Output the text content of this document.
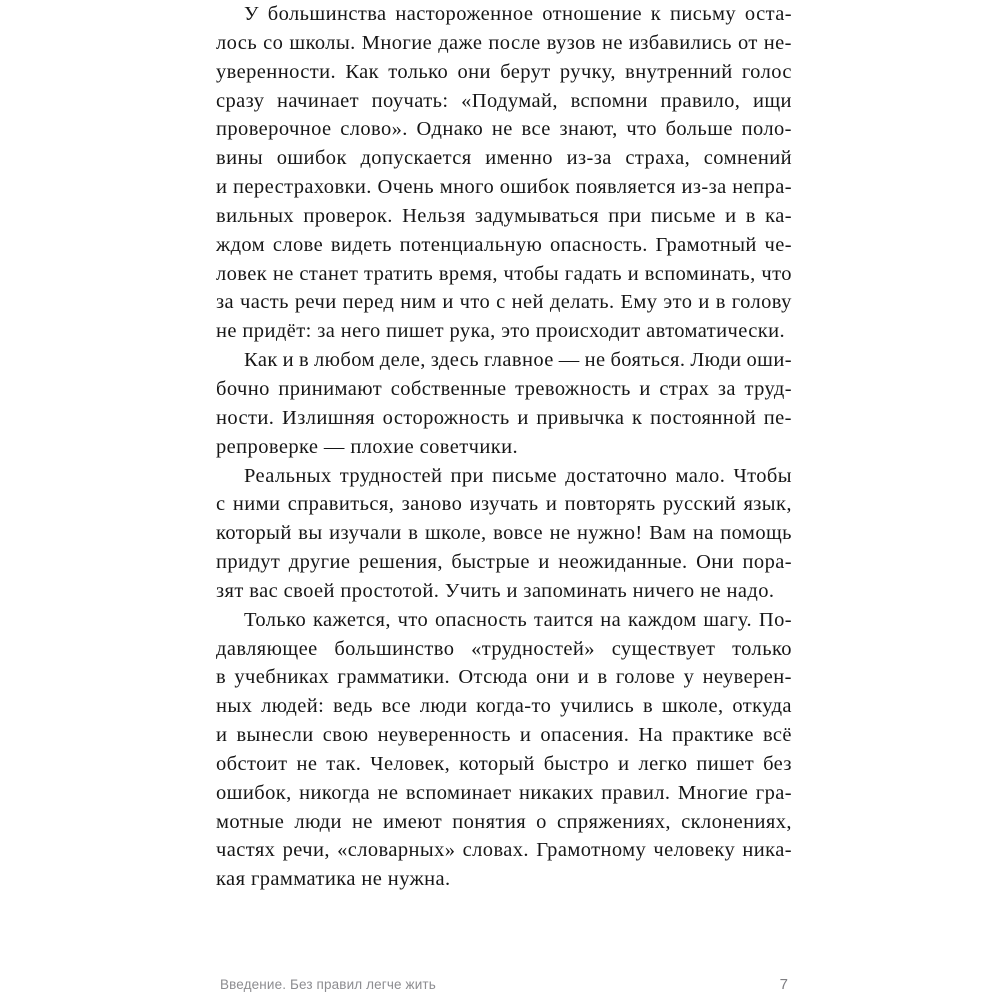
У большинства настороженное отношение к письму оста-
лось со школы. Многие даже после вузов не избавились от не-
уверенности. Как только они берут ручку, внутренний голос
сразу начинает поучать: «Подумай, вспомни правило, ищи
проверочное слово». Однако не все знают, что больше поло-
вины ошибок допускается именно из-за страха, сомнений
и перестраховки. Очень много ошибок появляется из-за непра-
вильных проверок. Нельзя задумываться при письме и в ка-
ждом слове видеть потенциальную опасность. Грамотный че-
ловек не станет тратить время, чтобы гадать и вспоминать, что
за часть речи перед ним и что с ней делать. Ему это и в голову
не придёт: за него пишет рука, это происходит автоматически.
Как и в любом деле, здесь главное — не бояться. Люди оши-
бочно принимают собственные тревожность и страх за труд-
ности. Излишняя осторожность и привычка к постоянной пе-
репроверке — плохие советчики.
Реальных трудностей при письме достаточно мало. Чтобы
с ними справиться, заново изучать и повторять русский язык,
который вы изучали в школе, вовсе не нужно! Вам на помощь
придут другие решения, быстрые и неожиданные. Они пора-
зят вас своей простотой. Учить и запоминать ничего не надо.
Только кажется, что опасность таится на каждом шагу. По-
давляющее большинство «трудностей» существует только
в учебниках грамматики. Отсюда они и в голове у неуверен-
ных людей: ведь все люди когда-то учились в школе, откуда
и вынесли свою неуверенность и опасения. На практике всё
обстоит не так. Человек, который быстро и легко пишет без
ошибок, никогда не вспоминает никаких правил. Многие гра-
мотные люди не имеют понятия о спряжениях, склонениях,
частях речи, «словарных» словах. Грамотному человеку ника-
кая грамматика не нужна.
Введение. Без правил легче жить	7
